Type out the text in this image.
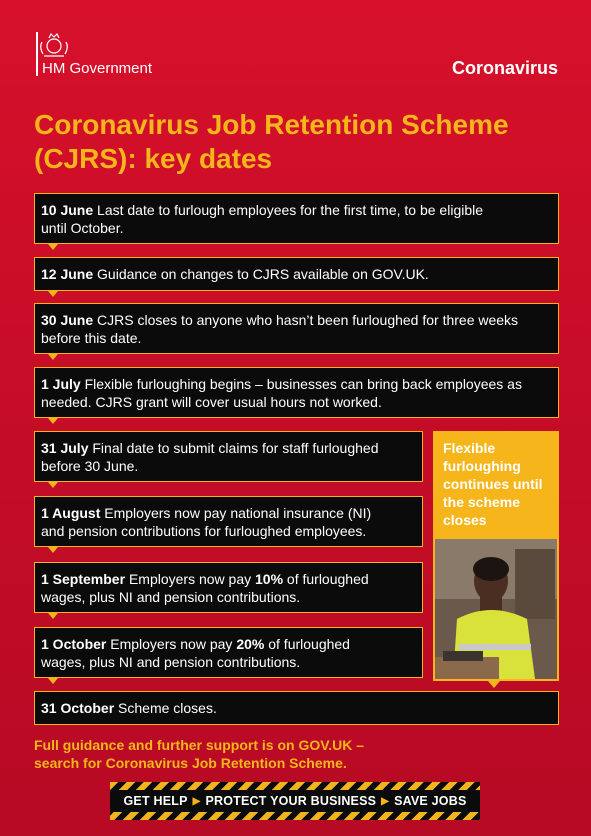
HM Government	Coronavirus
Coronavirus Job Retention Scheme
(CJRS): key dates
10 June Last date to furlough employees for the first time, to be eligible
until October.
12 June Guidance on changes to CJRS available on GOV.UK.
30 June CJRS closes to anyone who hasn’t been furloughed for three weeks
before this date.
1 July Flexible furloughing begins – businesses can bring back employees as
needed. CJRS grant will cover usual hours not worked.
31 July Final date to submit claims for staff furloughed
before 30 June.
1 August Employers now pay national insurance (NI)
and pension contributions for furloughed employees.
1 September Employers now pay 10% of furloughed
wages, plus NI and pension contributions.
1 October Employers now pay 20% of furloughed
wages, plus NI and pension contributions.
31 October Scheme closes.
Flexible
furloughing
continues until
the scheme
closes
Full guidance and further support is on GOV.UK –
search for Coronavirus Job Retention Scheme.
GET HELP ▶ PROTECT YOUR BUSINESS ▶ SAVE JOBS
